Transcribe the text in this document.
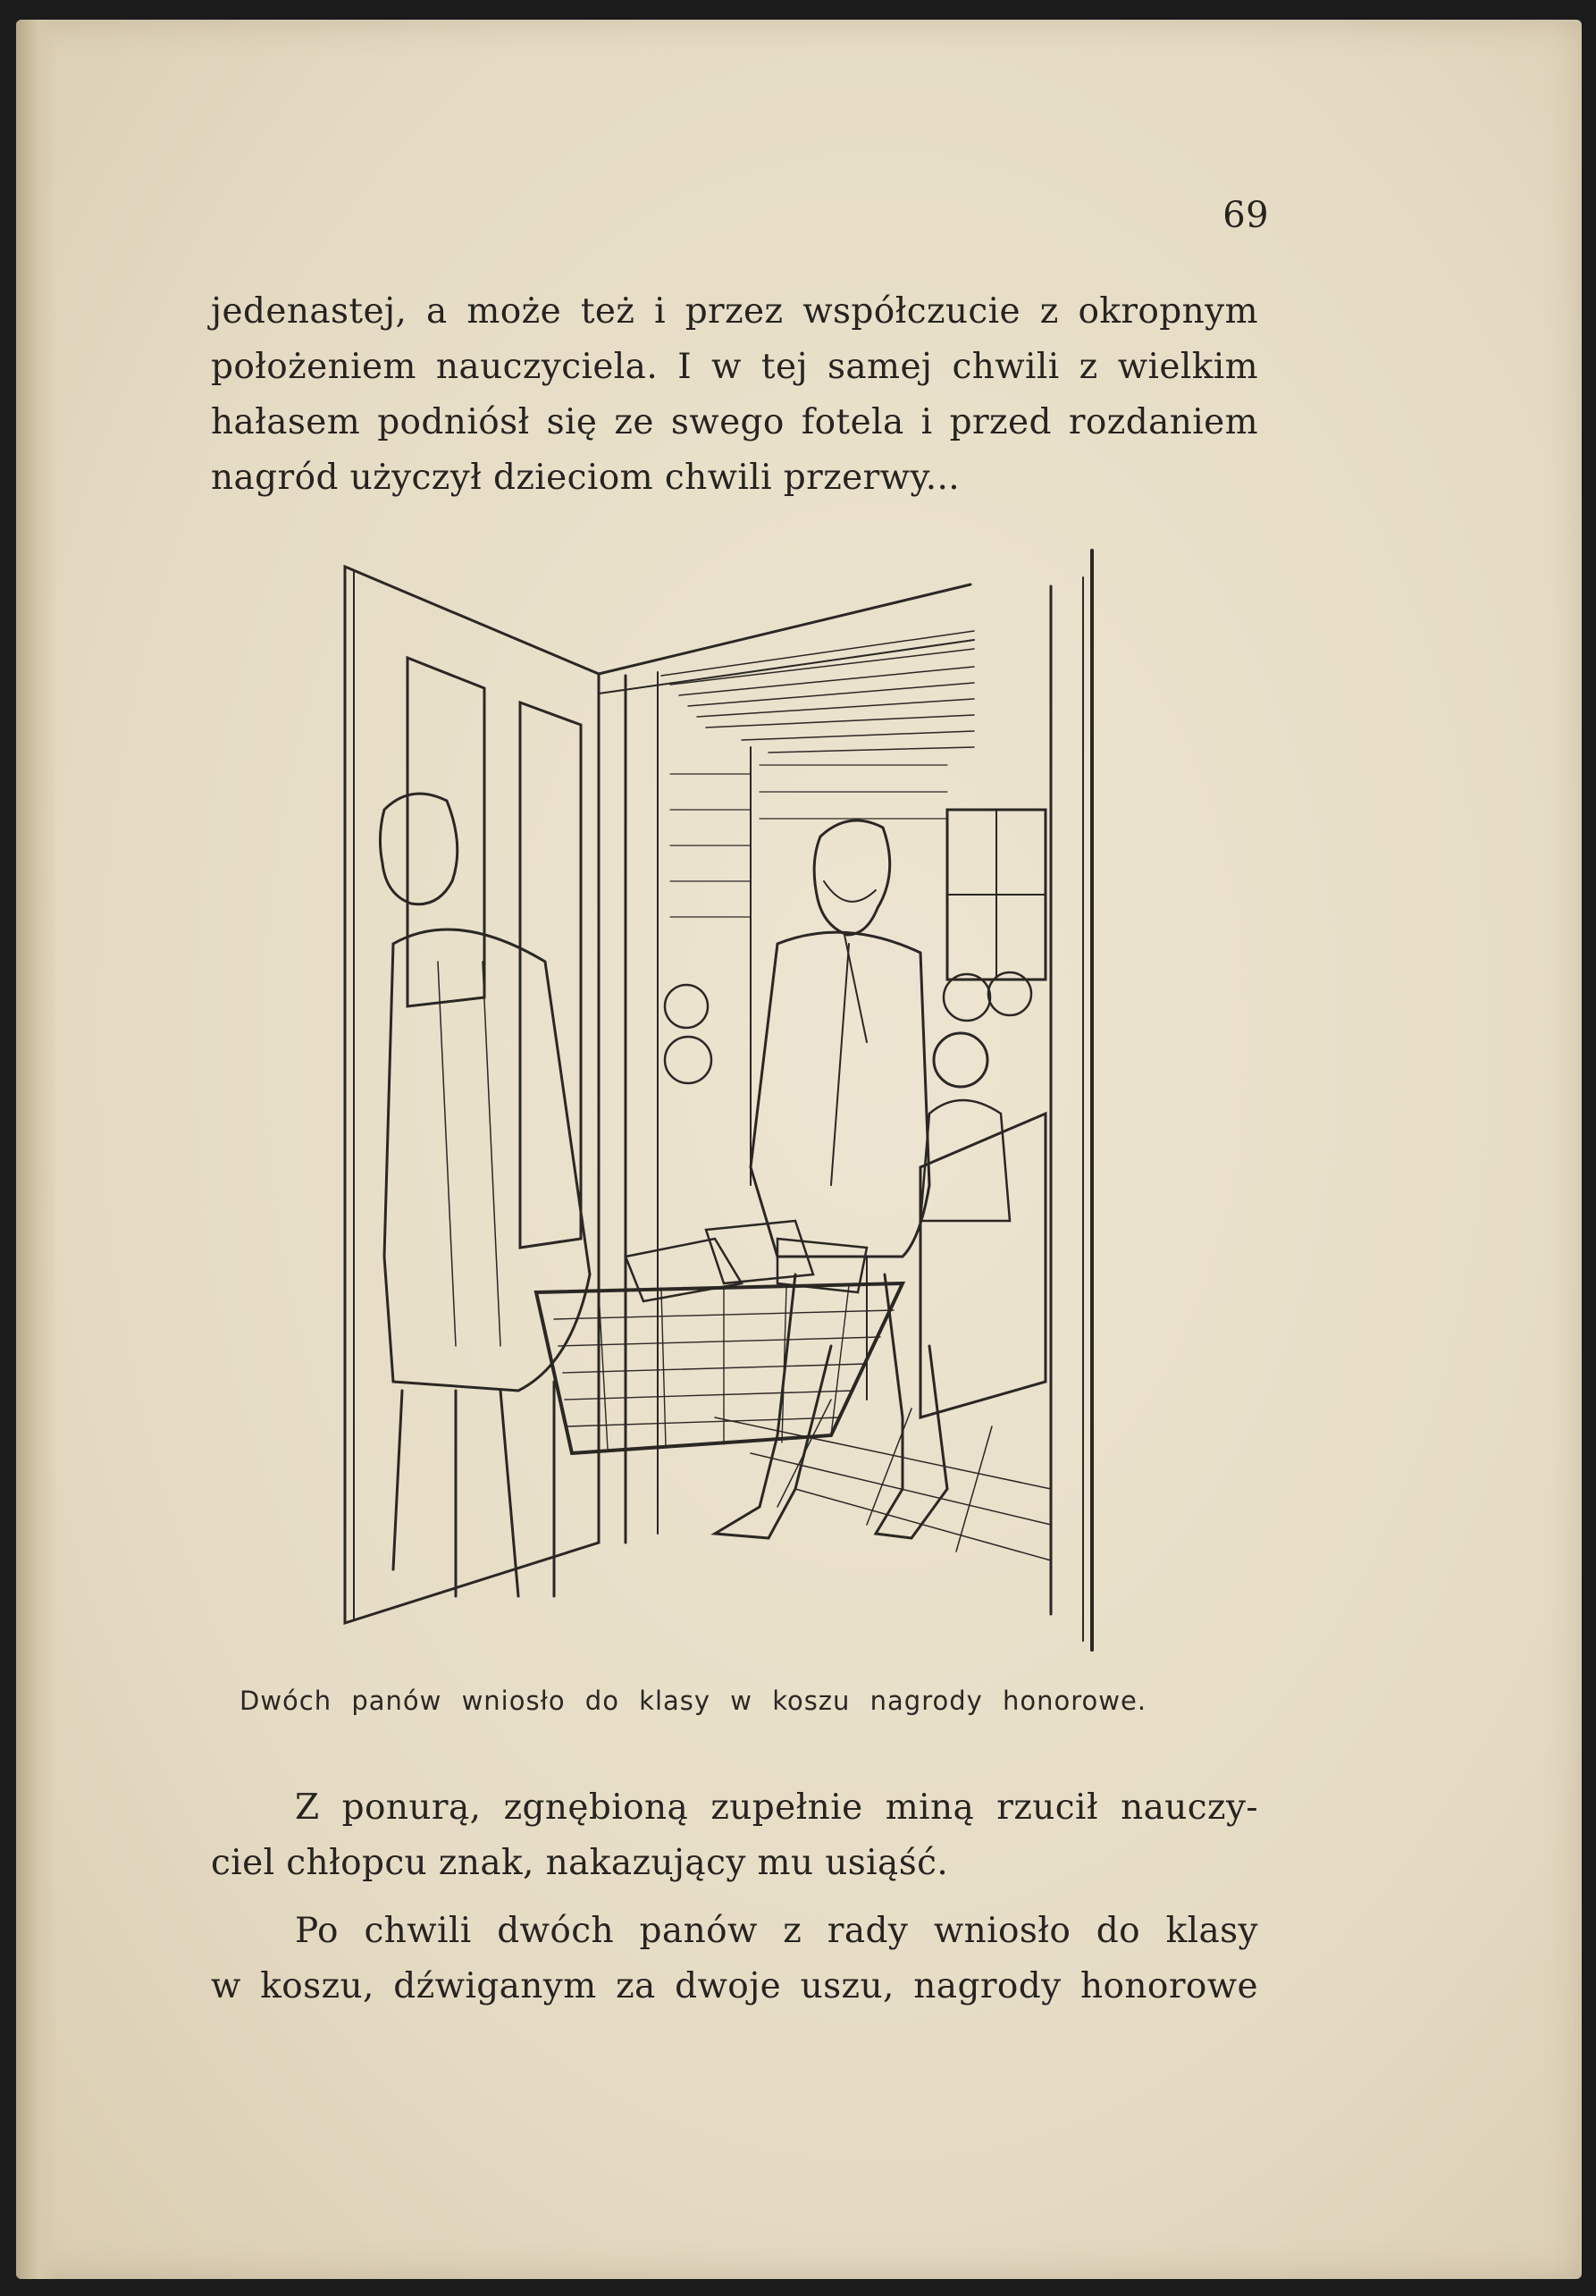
69
jedenastej, a może też i przez współczucie z okropnym
położeniem nauczyciela. I w tej samej chwili z wielkim
hałasem podniósł się ze swego fotela i przed rozdaniem
nagród użyczył dzieciom chwili przerwy...
Dwóch panów wniosło do klasy w koszu nagrody honorowe.
Z ponurą, zgnębioną zupełnie miną rzucił nauczy-
ciel chłopcu znak, nakazujący mu usiąść.
Po chwili dwóch panów z rady wniosło do klasy
w koszu, dźwiganym za dwoje uszu, nagrody honorowe
